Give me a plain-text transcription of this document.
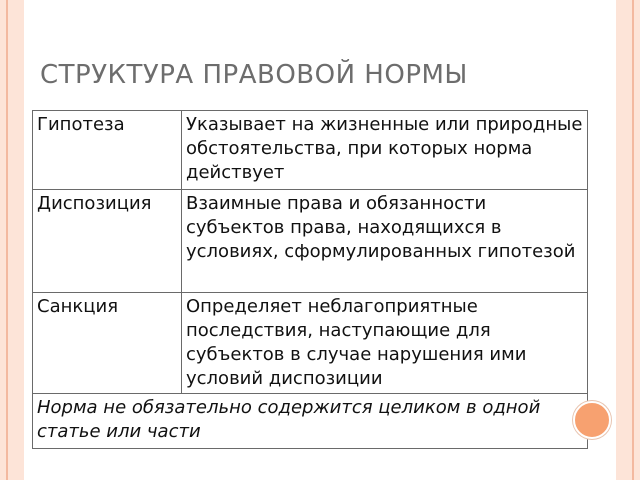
СТРУКТУРА ПРАВОВОЙ НОРМЫ
Гипотеза	Указывает на жизненные или природные обстоятельства, при которых норма действует
Диспозиция	Взаимные права и обязанности субъектов права, находящихся в условиях, сформулированных гипотезой
Санкция	Определяет неблагоприятные последствия, наступающие для субъектов в случае нарушения ими условий диспозиции
Норма не обязательно содержится целиком в одной статье или части	
